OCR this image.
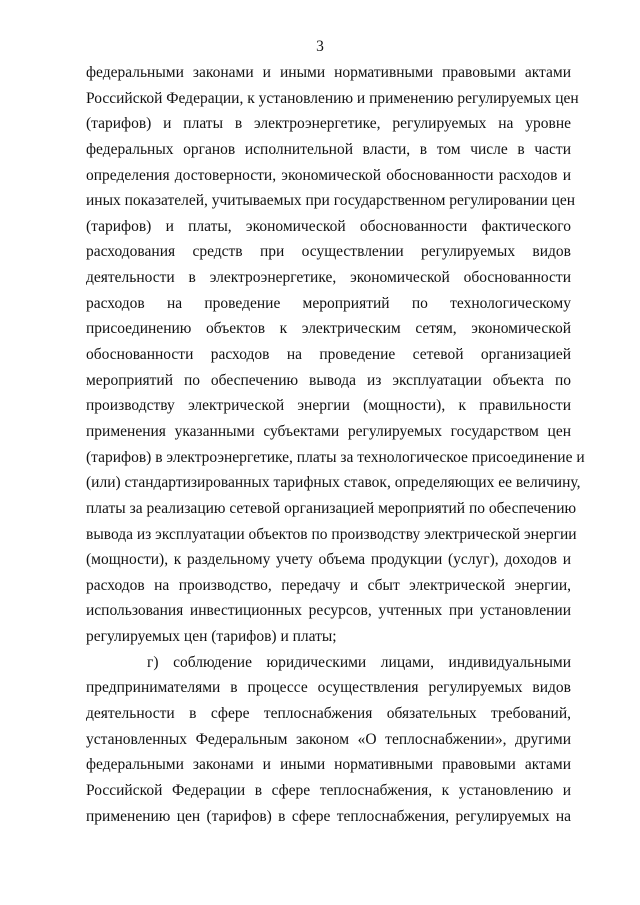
3
федеральными законами и иными нормативными правовыми актами
Российской Федерации, к установлению и применению регулируемых цен
(тарифов) и платы в электроэнергетике, регулируемых на уровне
федеральных органов исполнительной власти, в том числе в части
определения достоверности, экономической обоснованности расходов и
иных показателей, учитываемых при государственном регулировании цен
(тарифов) и платы, экономической обоснованности фактического
расходования средств при осуществлении регулируемых видов
деятельности в электроэнергетике, экономической обоснованности
расходов на проведение мероприятий по технологическому
присоединению объектов к электрическим сетям, экономической
обоснованности расходов на проведение сетевой организацией
мероприятий по обеспечению вывода из эксплуатации объекта по
производству электрической энергии (мощности), к правильности
применения указанными субъектами регулируемых государством цен
(тарифов) в электроэнергетике, платы за технологическое присоединение и
(или) стандартизированных тарифных ставок, определяющих ее величину,
платы за реализацию сетевой организацией мероприятий по обеспечению
вывода из эксплуатации объектов по производству электрической энергии
(мощности), к раздельному учету объема продукции (услуг), доходов и
расходов на производство, передачу и сбыт электрической энергии,
использования инвестиционных ресурсов, учтенных при установлении
регулируемых цен (тарифов) и платы;
г) соблюдение юридическими лицами, индивидуальными
предпринимателями в процессе осуществления регулируемых видов
деятельности в сфере теплоснабжения обязательных требований,
установленных Федеральным законом «О теплоснабжении», другими
федеральными законами и иными нормативными правовыми актами
Российской Федерации в сфере теплоснабжения, к установлению и
применению цен (тарифов) в сфере теплоснабжения, регулируемых на
